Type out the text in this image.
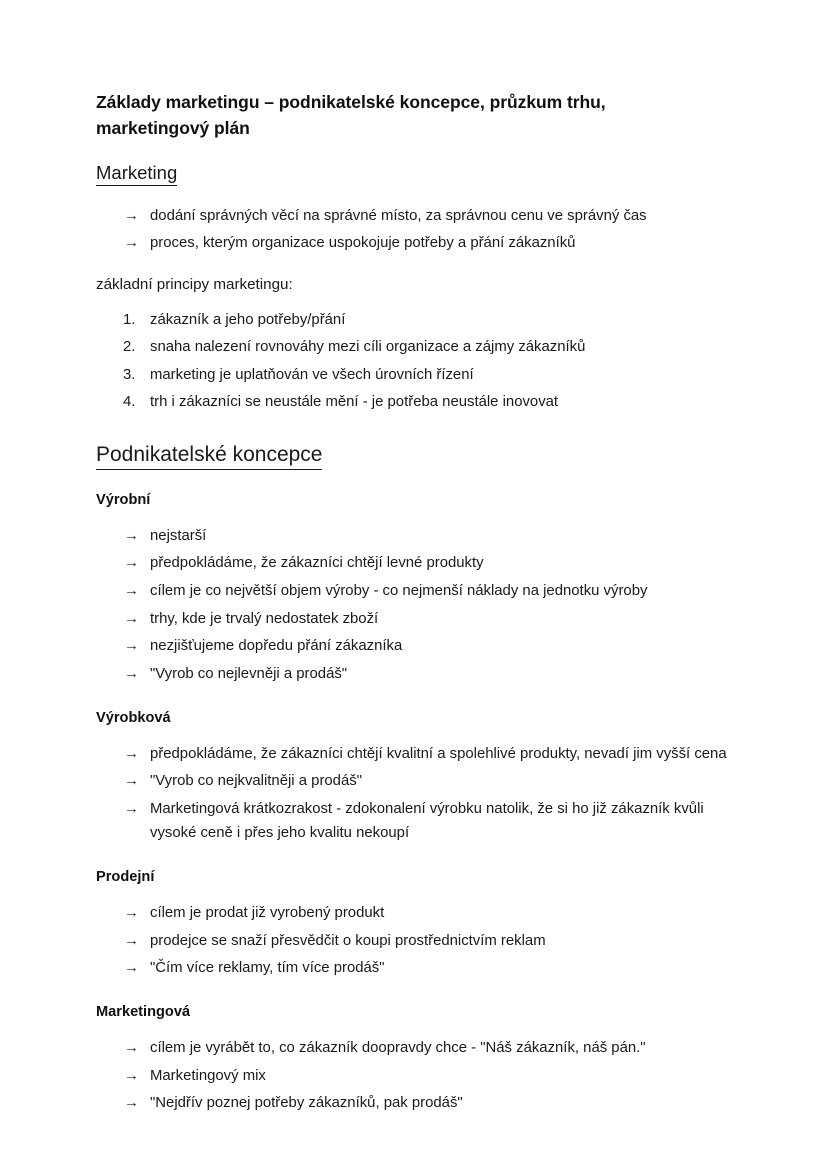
Základy marketingu – podnikatelské koncepce, průzkum trhu, marketingový plán
Marketing
→ dodání správných věcí na správné místo, za správnou cenu ve správný čas
→ proces, kterým organizace uspokojuje potřeby a přání zákazníků

základní principy marketingu:

zákazník a jeho potřeby/přání
snaha nalezení rovnováhy mezi cíli organizace a zájmy zákazníků
marketing je uplatňován ve všech úrovních řízení
trh i zákazníci se neustále mění - je potřeba neustále inovovat
Podnikatelské koncepce
Výrobní
→ nejstarší
→ předpokládáme, že zákazníci chtějí levné produkty
→ cílem je co největší objem výroby - co nejmenší náklady na jednotku výroby
→ trhy, kde je trvalý nedostatek zboží
→ nezjišťujeme dopředu přání zákazníka
→ "Vyrob co nejlevněji a prodáš"
Výrobková
→ předpokládáme, že zákazníci chtějí kvalitní a spolehlivé produkty, nevadí jim vyšší cena
→ "Vyrob co nejkvalitněji a prodáš"
→ Marketingová krátkozrakost - zdokonalení výrobku natolik, že si ho již zákazník kvůli vysoké ceně i přes jeho kvalitu nekoupí
Prodejní
→ cílem je prodat již vyrobený produkt
→ prodejce se snaží přesvědčit o koupi prostřednictvím reklam
→ "Čím více reklamy, tím více prodáš"
Marketingová
→ cílem je vyrábět to, co zákazník doopravdy chce - "Náš zákazník, náš pán."
→ Marketingový mix
→ "Nejdřív poznej potřeby zákazníků, pak prodáš"
